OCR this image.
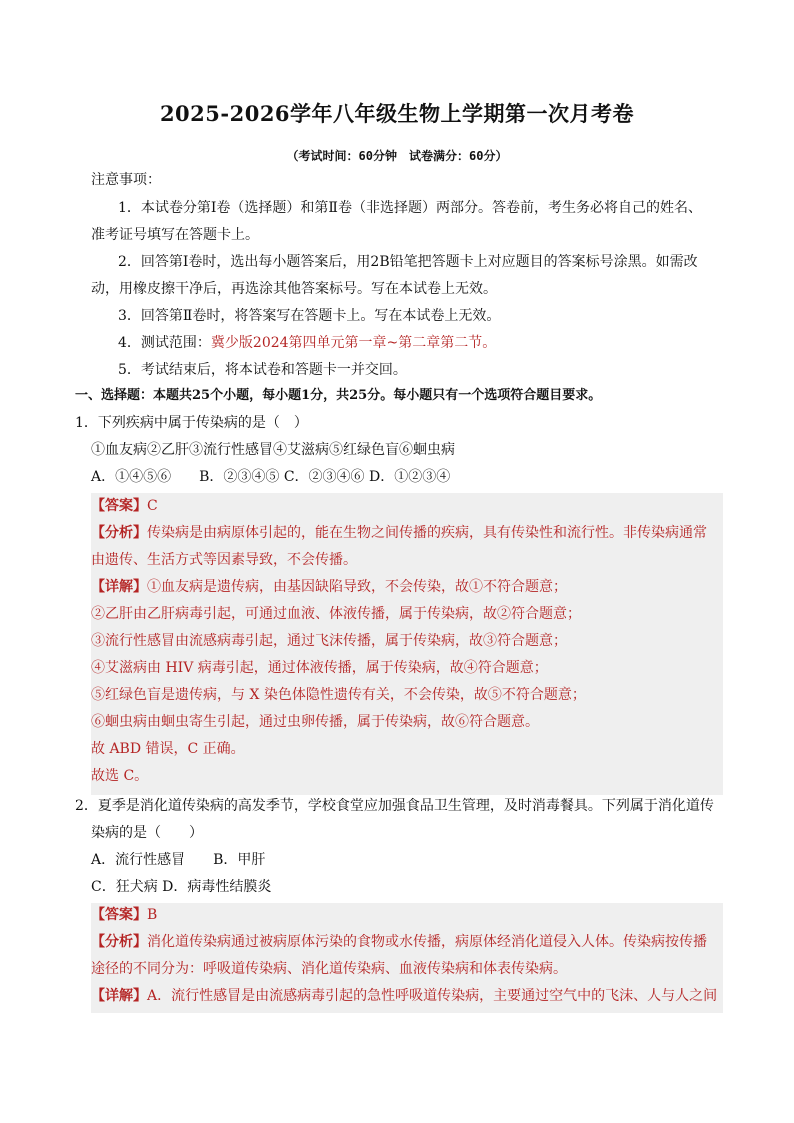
2025-2026学年八年级生物上学期第一次月考卷
（考试时间：60分钟　试卷满分：60分）
注意事项：
1．本试卷分第Ⅰ卷（选择题）和第Ⅱ卷（非选择题）两部分。答卷前，考生务必将自己的姓名、
准考证号填写在答题卡上。
2．回答第Ⅰ卷时，选出每小题答案后，用2B铅笔把答题卡上对应题目的答案标号涂黑。如需改
动，用橡皮擦干净后，再选涂其他答案标号。写在本试卷上无效。
3．回答第Ⅱ卷时，将答案写在答题卡上。写在本试卷上无效。
4．测试范围：冀少版2024第四单元第一章~第二章第二节。
5．考试结束后，将本试卷和答题卡一并交回。
一、选择题：本题共25个小题，每小题1分，共25分。每小题只有一个选项符合题目要求。
1．下列疾病中属于传染病的是（　）
①血友病②乙肝③流行性感冒④艾滋病⑤红绿色盲⑥蛔虫病
A．①④⑤⑥　　B．②③④⑤ C．②③④⑥ D．①②③④
【答案】C
【分析】传染病是由病原体引起的，能在生物之间传播的疾病，具有传染性和流行性。非传染病通常
由遗传、生活方式等因素导致，不会传播。
【详解】①血友病是遗传病，由基因缺陷导致，不会传染，故①不符合题意；
②乙肝由乙肝病毒引起，可通过血液、体液传播，属于传染病，故②符合题意；
③流行性感冒由流感病毒引起，通过飞沫传播，属于传染病，故③符合题意；
④艾滋病由 HIV 病毒引起，通过体液传播，属于传染病，故④符合题意；
⑤红绿色盲是遗传病，与 X 染色体隐性遗传有关，不会传染，故⑤不符合题意；
⑥蛔虫病由蛔虫寄生引起，通过虫卵传播，属于传染病，故⑥符合题意。
故 ABD 错误，C 正确。
故选 C。
2．夏季是消化道传染病的高发季节，学校食堂应加强食品卫生管理，及时消毒餐具。下列属于消化道传
染病的是（　　）
A．流行性感冒　　B．甲肝
C．狂犬病 D．病毒性结膜炎
【答案】B
【分析】消化道传染病通过被病原体污染的食物或水传播，病原体经消化道侵入人体。传染病按传播
途径的不同分为：呼吸道传染病、消化道传染病、血液传染病和体表传染病。
【详解】A．流行性感冒是由流感病毒引起的急性呼吸道传染病，主要通过空气中的飞沫、人与人之间
